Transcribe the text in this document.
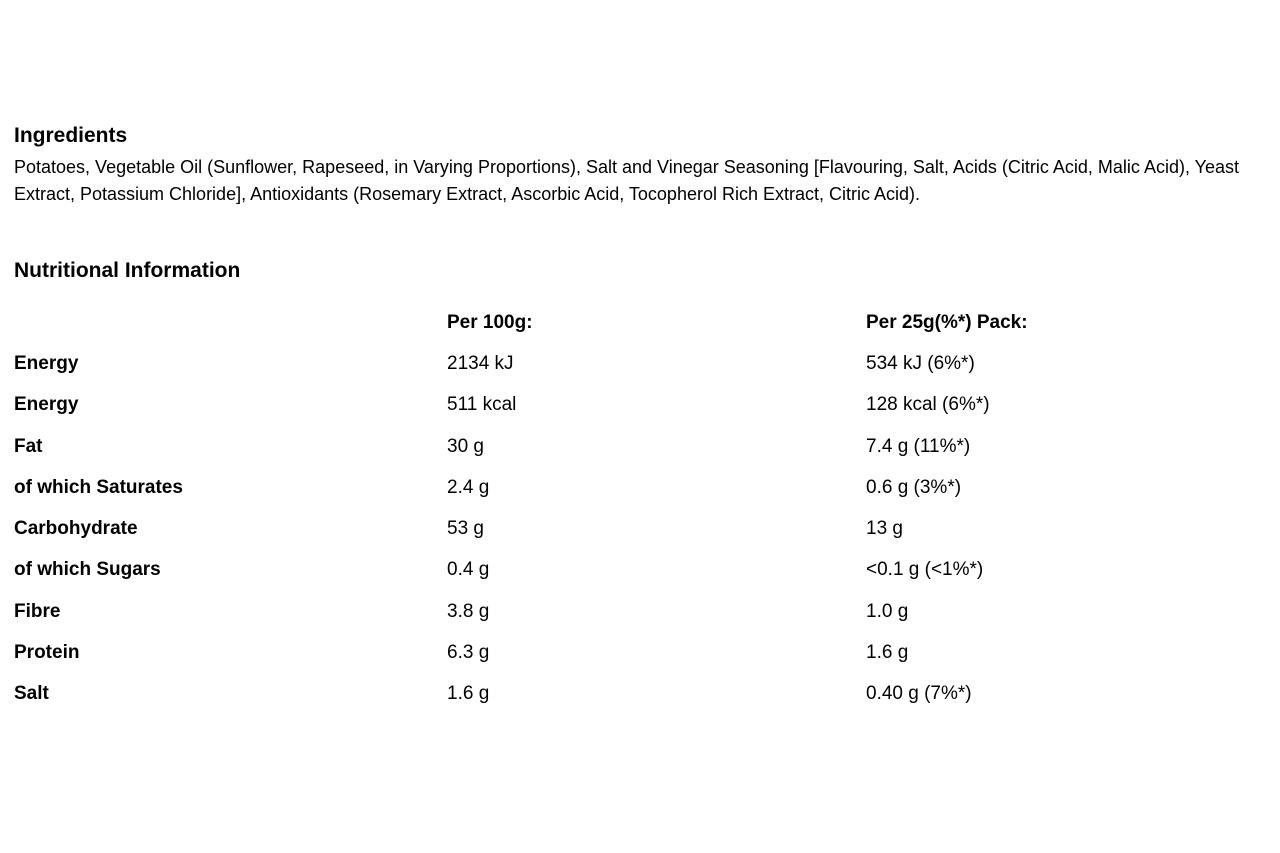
Ingredients

Potatoes, Vegetable Oil (Sunflower, Rapeseed, in Varying Proportions), Salt and Vinegar Seasoning [Flavouring, Salt, Acids (Citric Acid, Malic Acid), Yeast Extract, Potassium Chloride], Antioxidants (Rosemary Extract, Ascorbic Acid, Tocopherol Rich Extract, Citric Acid).

Nutritional Information
	Per 100g:	Per 25g(%*) Pack:
Energy	2134 kJ	534 kJ (6%*)
Energy	511 kcal	128 kcal (6%*)
Fat	30 g	7.4 g (11%*)
of which Saturates	2.4 g	0.6 g (3%*)
Carbohydrate	53 g	13 g
of which Sugars	0.4 g	<0.1 g (<1%*)
Fibre	3.8 g	1.0 g
Protein	6.3 g	1.6 g
Salt	1.6 g	0.40 g (7%*)
